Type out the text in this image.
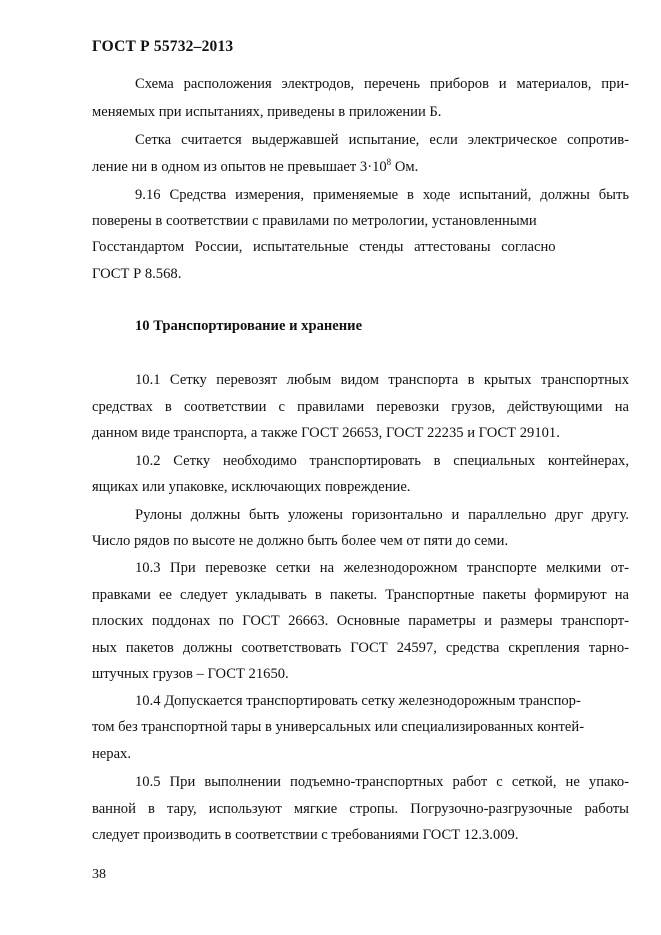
ГОСТ Р 55732–2013
Схема расположения электродов, перечень приборов и материалов, при-
меняемых при испытаниях, приведены в приложении Б.
Сетка считается выдержавшей испытание, если электрическое сопротив-
ление ни в одном из опытов не превышает $3\cdot 10^8$ Ом.
9.16 Средства измерения, применяемые в ходе испытаний, должны быть
поверены в соответствии с правилами по метрологии, установленными
Госстандартом России, испытательные стенды аттестованы согласно
ГОСТ Р 8.568.
10 Транспортирование и хранение
10.1 Сетку перевозят любым видом транспорта в крытых транспортных
средствах в соответствии с правилами перевозки грузов, действующими на
данном виде транспорта, а также ГОСТ 26653, ГОСТ 22235 и ГОСТ 29101.
10.2 Сетку необходимо транспортировать в специальных контейнерах,
ящиках или упаковке, исключающих повреждение.
Рулоны должны быть уложены горизонтально и параллельно друг другу.
Число рядов по высоте не должно быть более чем от пяти до семи.
10.3 При перевозке сетки на железнодорожном транспорте мелкими от-
правками ее следует укладывать в пакеты. Транспортные пакеты формируют на
плоских поддонах по ГОСТ 26663. Основные параметры и размеры транспорт-
ных пакетов должны соответствовать ГОСТ 24597, средства скрепления тарно-
штучных грузов – ГОСТ 21650.
10.4 Допускается транспортировать сетку железнодорожным транспор-
том без транспортной тары в универсальных или специализированных контей-
нерах.
10.5 При выполнении подъемно-транспортных работ с сеткой, не упако-
ванной в тару, используют мягкие стропы. Погрузочно-разгрузочные работы
следует производить в соответствии с требованиями ГОСТ 12.3.009.
38
